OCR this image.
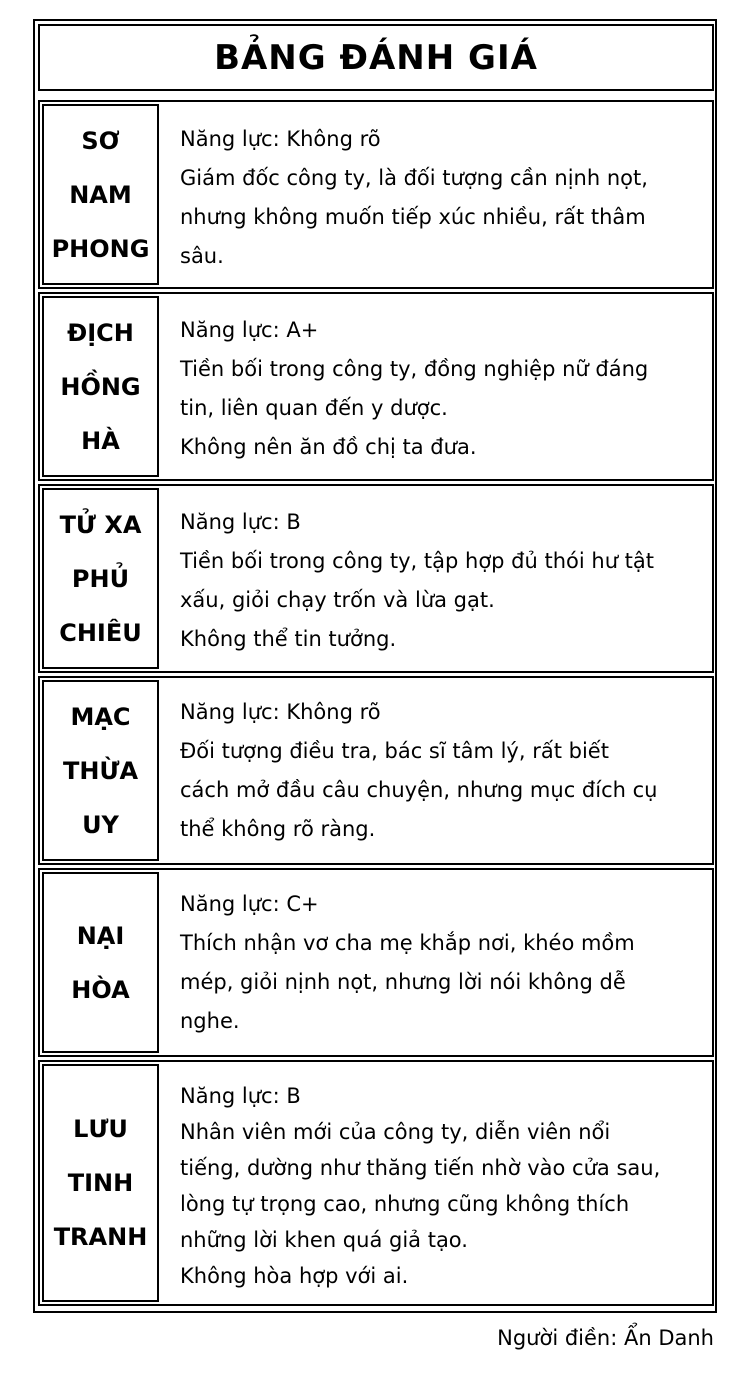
BẢNG ĐÁNH GIÁ
SƠ
NAM
PHONG
Năng lực: Không rõ
Giám đốc công ty, là đối tượng cần nịnh nọt,
nhưng không muốn tiếp xúc nhiều, rất thâm
sâu.
ĐỊCH
HỒNG
HÀ
Năng lực: A+
Tiền bối trong công ty, đồng nghiệp nữ đáng
tin, liên quan đến y dược.
Không nên ăn đồ chị ta đưa.
TỬ XA
PHỦ
CHIÊU
Năng lực: B
Tiền bối trong công ty, tập hợp đủ thói hư tật
xấu, giỏi chạy trốn và lừa gạt.
Không thể tin tưởng.
MẠC
THỪA
UY
Năng lực: Không rõ
Đối tượng điều tra, bác sĩ tâm lý, rất biết
cách mở đầu câu chuyện, nhưng mục đích cụ
thể không rõ ràng.
NẠI
HÒA
Năng lực: C+
Thích nhận vơ cha mẹ khắp nơi, khéo mồm
mép, giỏi nịnh nọt, nhưng lời nói không dễ
nghe.
LƯU
TINH
TRANH
Năng lực: B
Nhân viên mới của công ty, diễn viên nổi
tiếng, dường như thăng tiến nhờ vào cửa sau,
lòng tự trọng cao, nhưng cũng không thích
những lời khen quá giả tạo.
Không hòa hợp với ai.
Người điền: Ẩn Danh
